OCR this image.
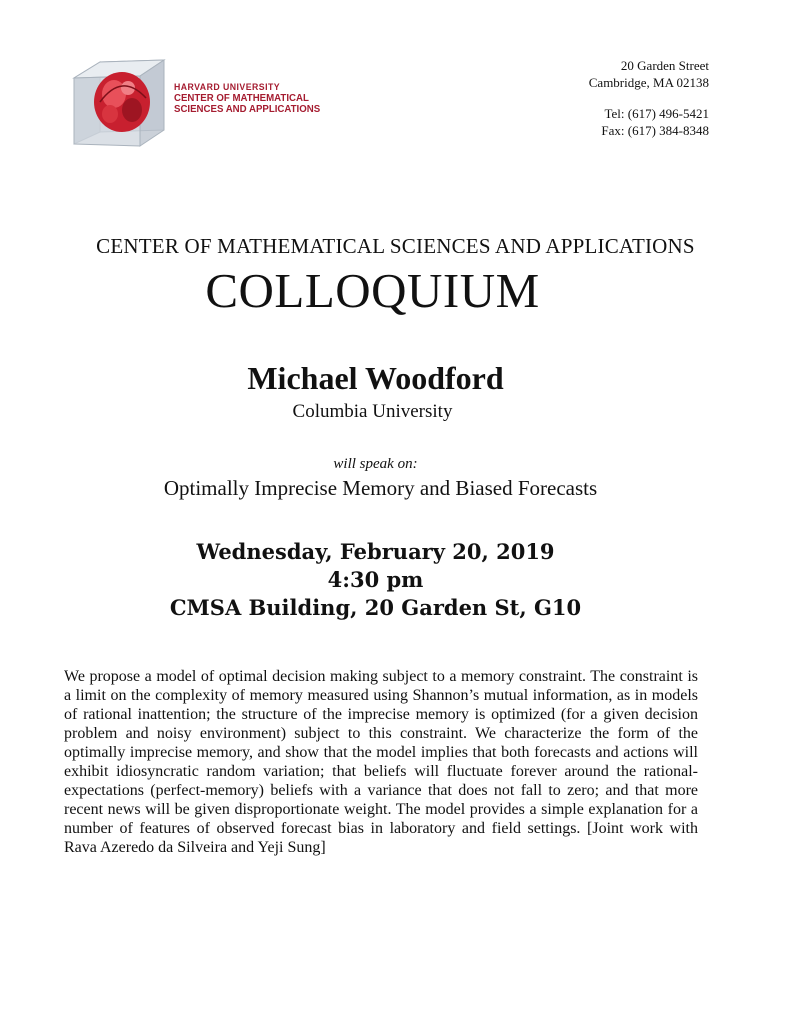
HARVARD UNIVERSITY
CENTER OF MATHEMATICAL
SCIENCES AND APPLICATIONS
20 Garden Street
Cambridge, MA 02138
Tel: (617) 496-5421
Fax: (617) 384-8348
CENTER OF MATHEMATICAL SCIENCES AND APPLICATIONS
COLLOQUIUM
Michael Woodford
Columbia University
will speak on:
Optimally Imprecise Memory and Biased Forecasts
Wednesday, February 20, 2019
4:30 pm
CMSA Building, 20 Garden St, G10
We propose a model of optimal decision making subject to a memory constraint. The constraint is a limit on the complexity of memory measured using Shannon’s mutual information, as in models of rational inattention; the structure of the imprecise memory is optimized (for a given decision problem and noisy environment) subject to this constraint. We characterize the form of the optimally imprecise memory, and show that the model implies that both forecasts and actions will exhibit idiosyncratic random variation; that beliefs will fluctuate forever around the rational-expectations (perfect-memory) beliefs with a variance that does not fall to zero; and that more recent news will be given disproportionate weight. The model provides a simple explanation for a number of features of observed forecast bias in laboratory and field settings. [Joint work with Rava Azeredo da Silveira and Yeji Sung]
